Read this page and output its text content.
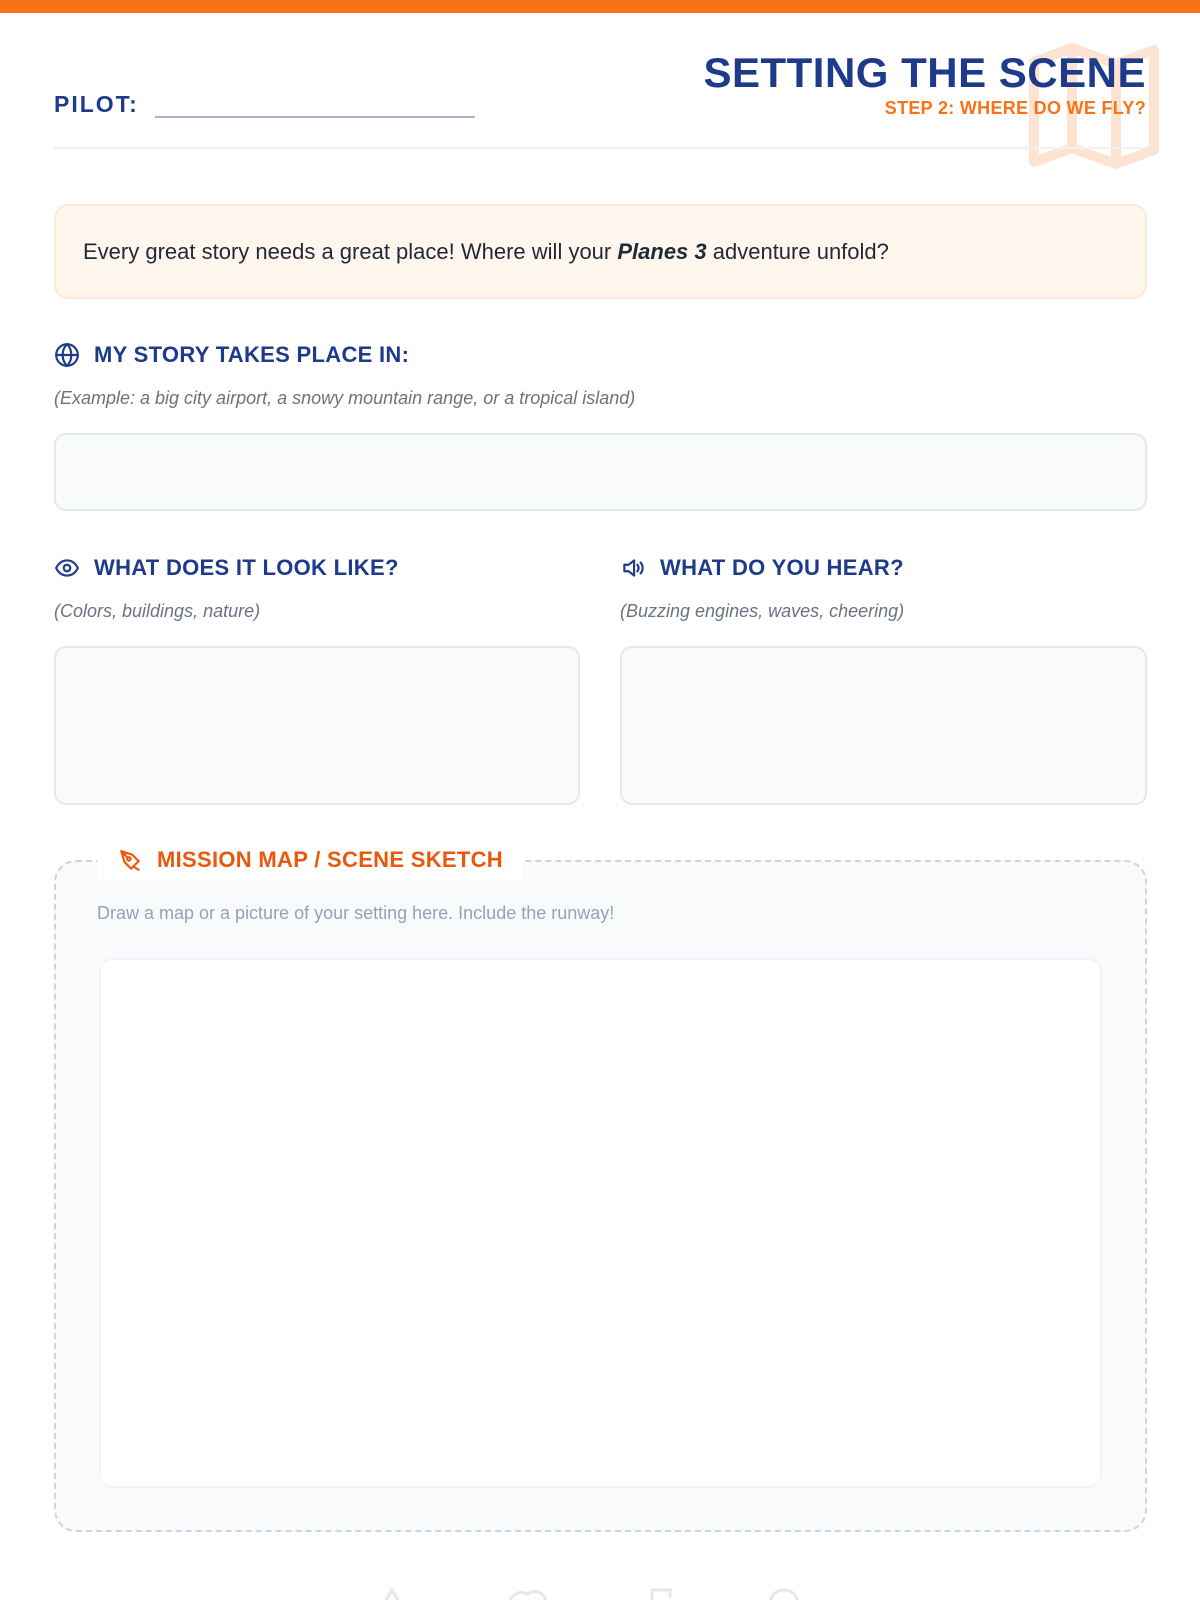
PILOT:
SETTING THE SCENE
STEP 2: WHERE DO WE FLY?
Every great story needs a great place! Where will your Planes 3 adventure unfold?
MY STORY TAKES PLACE IN:
(Example: a big city airport, a snowy mountain range, or a tropical island)
WHAT DOES IT LOOK LIKE?
(Colors, buildings, nature)
WHAT DO YOU HEAR?
(Buzzing engines, waves, cheering)
MISSION MAP / SCENE SKETCH
Draw a map or a picture of your setting here. Include the runway!
